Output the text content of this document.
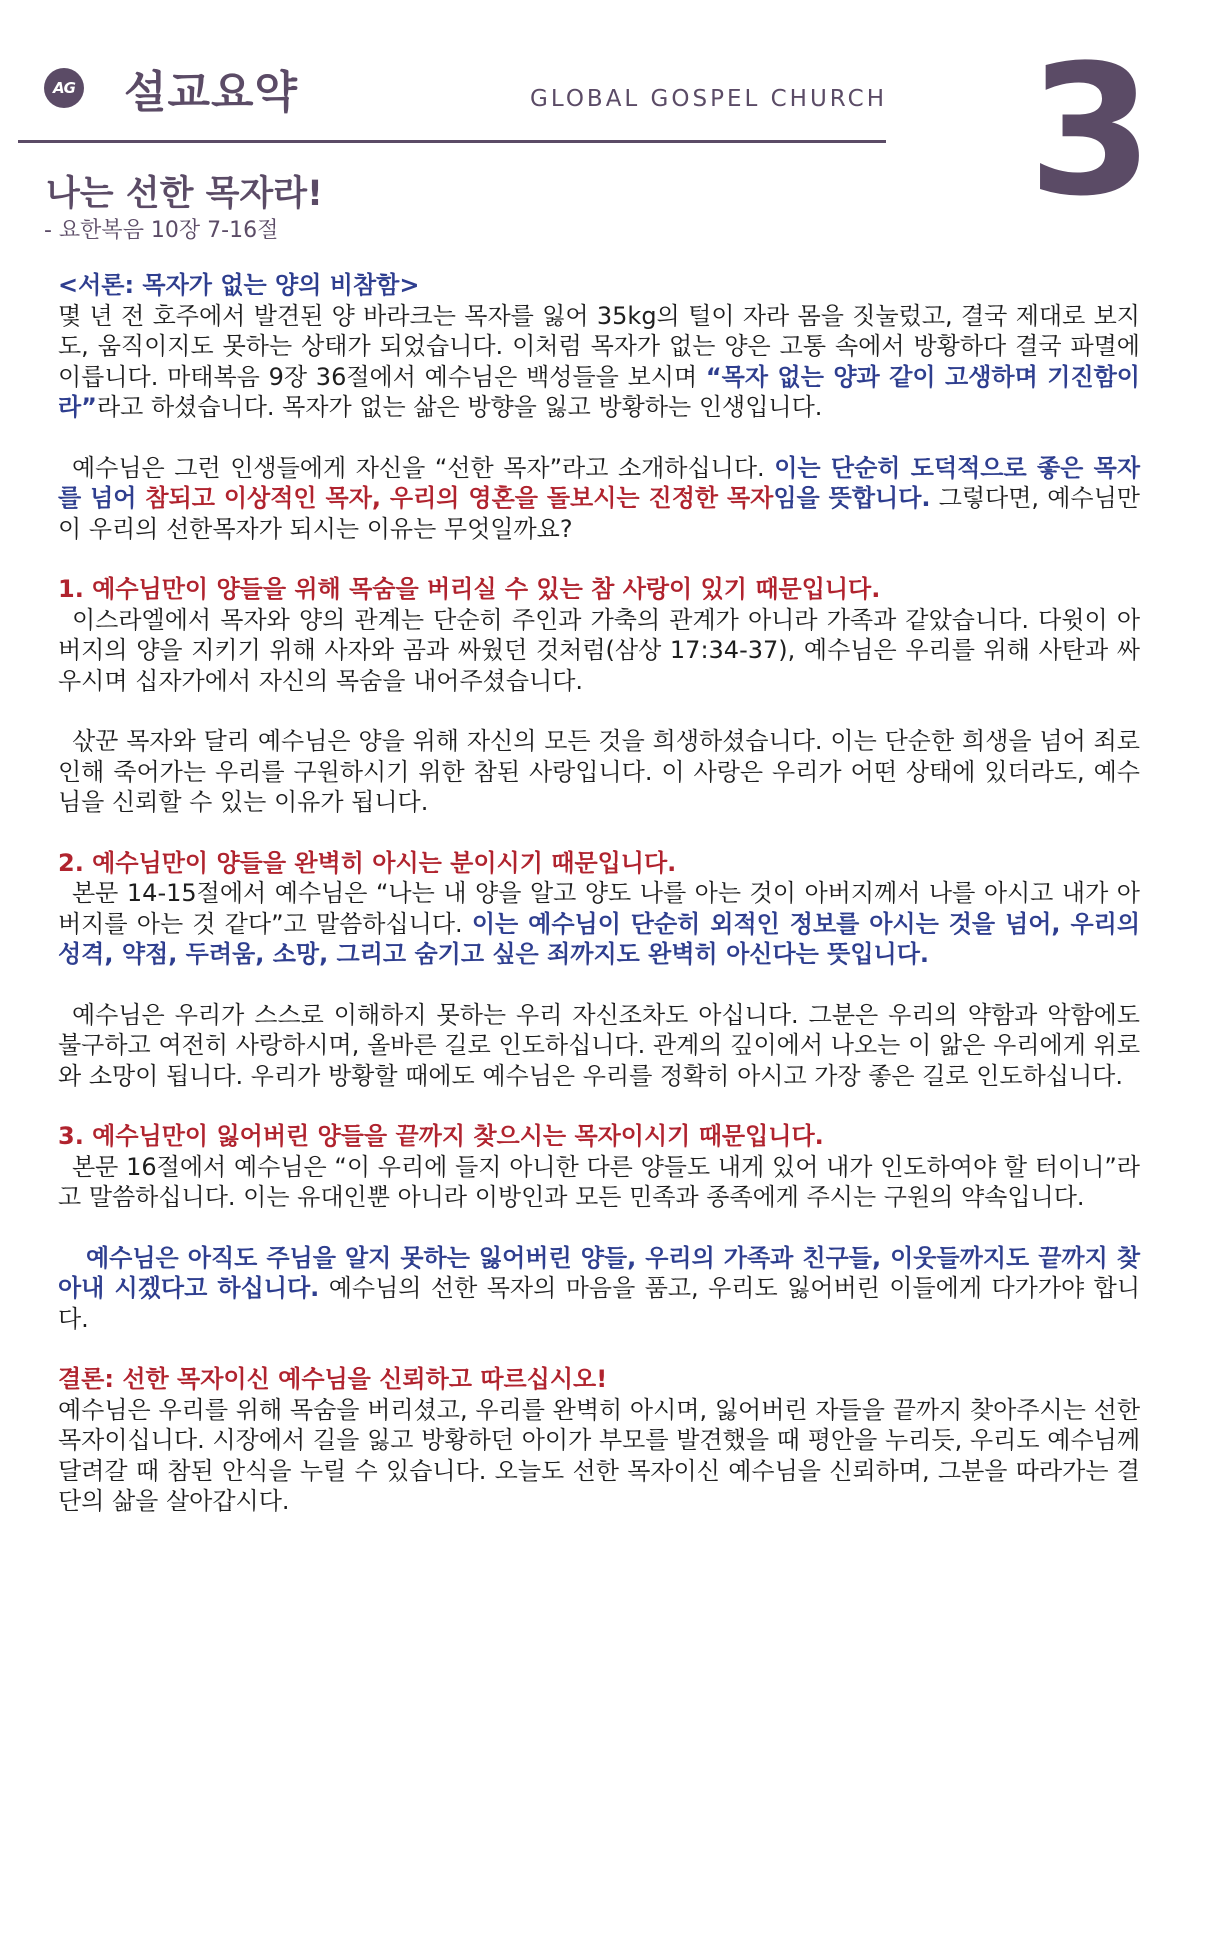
AG 설교요약	GLOBAL GOSPEL CHURCH 3
나는 선한 목자라!
- 요한복음 10장 7-16절

<서론: 목자가 없는 양의 비참함>

몇 년 전 호주에서 발견된 양 바라크는 목자를 잃어 35kg의 털이 자라 몸을 짓눌렀고, 결국 제대로 보지도, 움직이지도 못하는 상태가 되었습니다. 이처럼 목자가 없는 양은 고통 속에서 방황하다 결국 파멸에 이릅니다. 마태복음 9장 36절에서 예수님은 백성들을 보시며 “목자 없는 양과 같이 고생하며 기진함이라”라고 하셨습니다. 목자가 없는 삶은 방향을 잃고 방황하는 인생입니다.

예수님은 그런 인생들에게 자신을 “선한 목자”라고 소개하십니다. 이는 단순히 도덕적으로 좋은 목자를 넘어 참되고 이상적인 목자, 우리의 영혼을 돌보시는 진정한 목자임을 뜻합니다. 그렇다면, 예수님만이 우리의 선한목자가 되시는 이유는 무엇일까요?

1. 예수님만이 양들을 위해 목숨을 버리실 수 있는 참 사랑이 있기 때문입니다.

이스라엘에서 목자와 양의 관계는 단순히 주인과 가축의 관계가 아니라 가족과 같았습니다. 다윗이 아버지의 양을 지키기 위해 사자와 곰과 싸웠던 것처럼(삼상 17:34-37), 예수님은 우리를 위해 사탄과 싸우시며 십자가에서 자신의 목숨을 내어주셨습니다.

삯꾼 목자와 달리 예수님은 양을 위해 자신의 모든 것을 희생하셨습니다. 이는 단순한 희생을 넘어 죄로 인해 죽어가는 우리를 구원하시기 위한 참된 사랑입니다. 이 사랑은 우리가 어떤 상태에 있더라도, 예수님을 신뢰할 수 있는 이유가 됩니다.

2. 예수님만이 양들을 완벽히 아시는 분이시기 때문입니다.

본문 14-15절에서 예수님은 “나는 내 양을 알고 양도 나를 아는 것이 아버지께서 나를 아시고 내가 아버지를 아는 것 같다”고 말씀하십니다. 이는 예수님이 단순히 외적인 정보를 아시는 것을 넘어, 우리의 성격, 약점, 두려움, 소망, 그리고 숨기고 싶은 죄까지도 완벽히 아신다는 뜻입니다.

예수님은 우리가 스스로 이해하지 못하는 우리 자신조차도 아십니다. 그분은 우리의 약함과 악함에도 불구하고 여전히 사랑하시며, 올바른 길로 인도하십니다. 관계의 깊이에서 나오는 이 앎은 우리에게 위로와 소망이 됩니다. 우리가 방황할 때에도 예수님은 우리를 정확히 아시고 가장 좋은 길로 인도하십니다.

3. 예수님만이 잃어버린 양들을 끝까지 찾으시는 목자이시기 때문입니다.

본문 16절에서 예수님은 “이 우리에 들지 아니한 다른 양들도 내게 있어 내가 인도하여야 할 터이니”라고 말씀하십니다. 이는 유대인뿐 아니라 이방인과 모든 민족과 종족에게 주시는 구원의 약속입니다.

예수님은 아직도 주님을 알지 못하는 잃어버린 양들, 우리의 가족과 친구들, 이웃들까지도 끝까지 찾아내 시겠다고 하십니다. 예수님의 선한 목자의 마음을 품고, 우리도 잃어버린 이들에게 다가가야 합니다.

결론: 선한 목자이신 예수님을 신뢰하고 따르십시오!

예수님은 우리를 위해 목숨을 버리셨고, 우리를 완벽히 아시며, 잃어버린 자들을 끝까지 찾아주시는 선한 목자이십니다. 시장에서 길을 잃고 방황하던 아이가 부모를 발견했을 때 평안을 누리듯, 우리도 예수님께 달려갈 때 참된 안식을 누릴 수 있습니다. 오늘도 선한 목자이신 예수님을 신뢰하며, 그분을 따라가는 결단의 삶을 살아갑시다.
